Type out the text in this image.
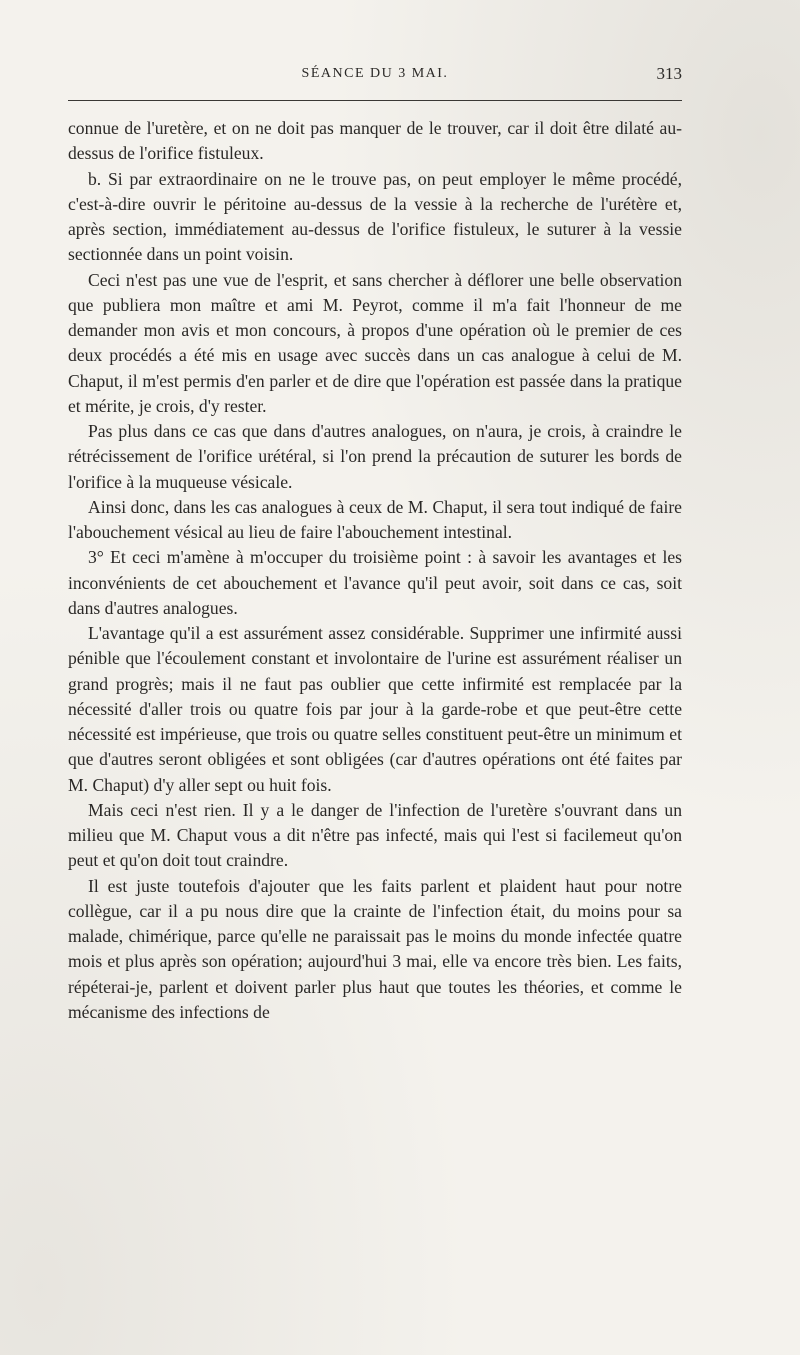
SÉANCE DU 3 MAI.	313

connue de l'uretère, et on ne doit pas manquer de le trouver, car il doit être dilaté au-dessus de l'orifice fistuleux.

b. Si par extraordinaire on ne le trouve pas, on peut employer le même procédé, c'est-à-dire ouvrir le péritoine au-dessus de la vessie à la recherche de l'urétère et, après section, immédiatement au-dessus de l'orifice fistuleux, le suturer à la vessie sectionnée dans un point voisin.

Ceci n'est pas une vue de l'esprit, et sans chercher à déflorer une belle observation que publiera mon maître et ami M. Peyrot, comme il m'a fait l'honneur de me demander mon avis et mon concours, à propos d'une opération où le premier de ces deux procédés a été mis en usage avec succès dans un cas analogue à celui de M. Chaput, il m'est permis d'en parler et de dire que l'opération est passée dans la pratique et mérite, je crois, d'y rester.

Pas plus dans ce cas que dans d'autres analogues, on n'aura, je crois, à craindre le rétrécissement de l'orifice urétéral, si l'on prend la précaution de suturer les bords de l'orifice à la muqueuse vésicale.

Ainsi donc, dans les cas analogues à ceux de M. Chaput, il sera tout indiqué de faire l'abouchement vésical au lieu de faire l'abouchement intestinal.

3° Et ceci m'amène à m'occuper du troisième point : à savoir les avantages et les inconvénients de cet abouchement et l'avance qu'il peut avoir, soit dans ce cas, soit dans d'autres analogues.

L'avantage qu'il a est assurément assez considérable. Supprimer une infirmité aussi pénible que l'écoulement constant et involontaire de l'urine est assurément réaliser un grand progrès; mais il ne faut pas oublier que cette infirmité est remplacée par la nécessité d'aller trois ou quatre fois par jour à la garde-robe et que peut-être cette nécessité est impérieuse, que trois ou quatre selles constituent peut-être un minimum et que d'autres seront obligées et sont obligées (car d'autres opérations ont été faites par M. Chaput) d'y aller sept ou huit fois.

Mais ceci n'est rien. Il y a le danger de l'infection de l'uretère s'ouvrant dans un milieu que M. Chaput vous a dit n'être pas infecté, mais qui l'est si facilemeut qu'on peut et qu'on doit tout craindre.

Il est juste toutefois d'ajouter que les faits parlent et plaident haut pour notre collègue, car il a pu nous dire que la crainte de l'infection était, du moins pour sa malade, chimérique, parce qu'elle ne paraissait pas le moins du monde infectée quatre mois et plus après son opération; aujourd'hui 3 mai, elle va encore très bien. Les faits, répéterai-je, parlent et doivent parler plus haut que toutes les théories, et comme le mécanisme des infections de
